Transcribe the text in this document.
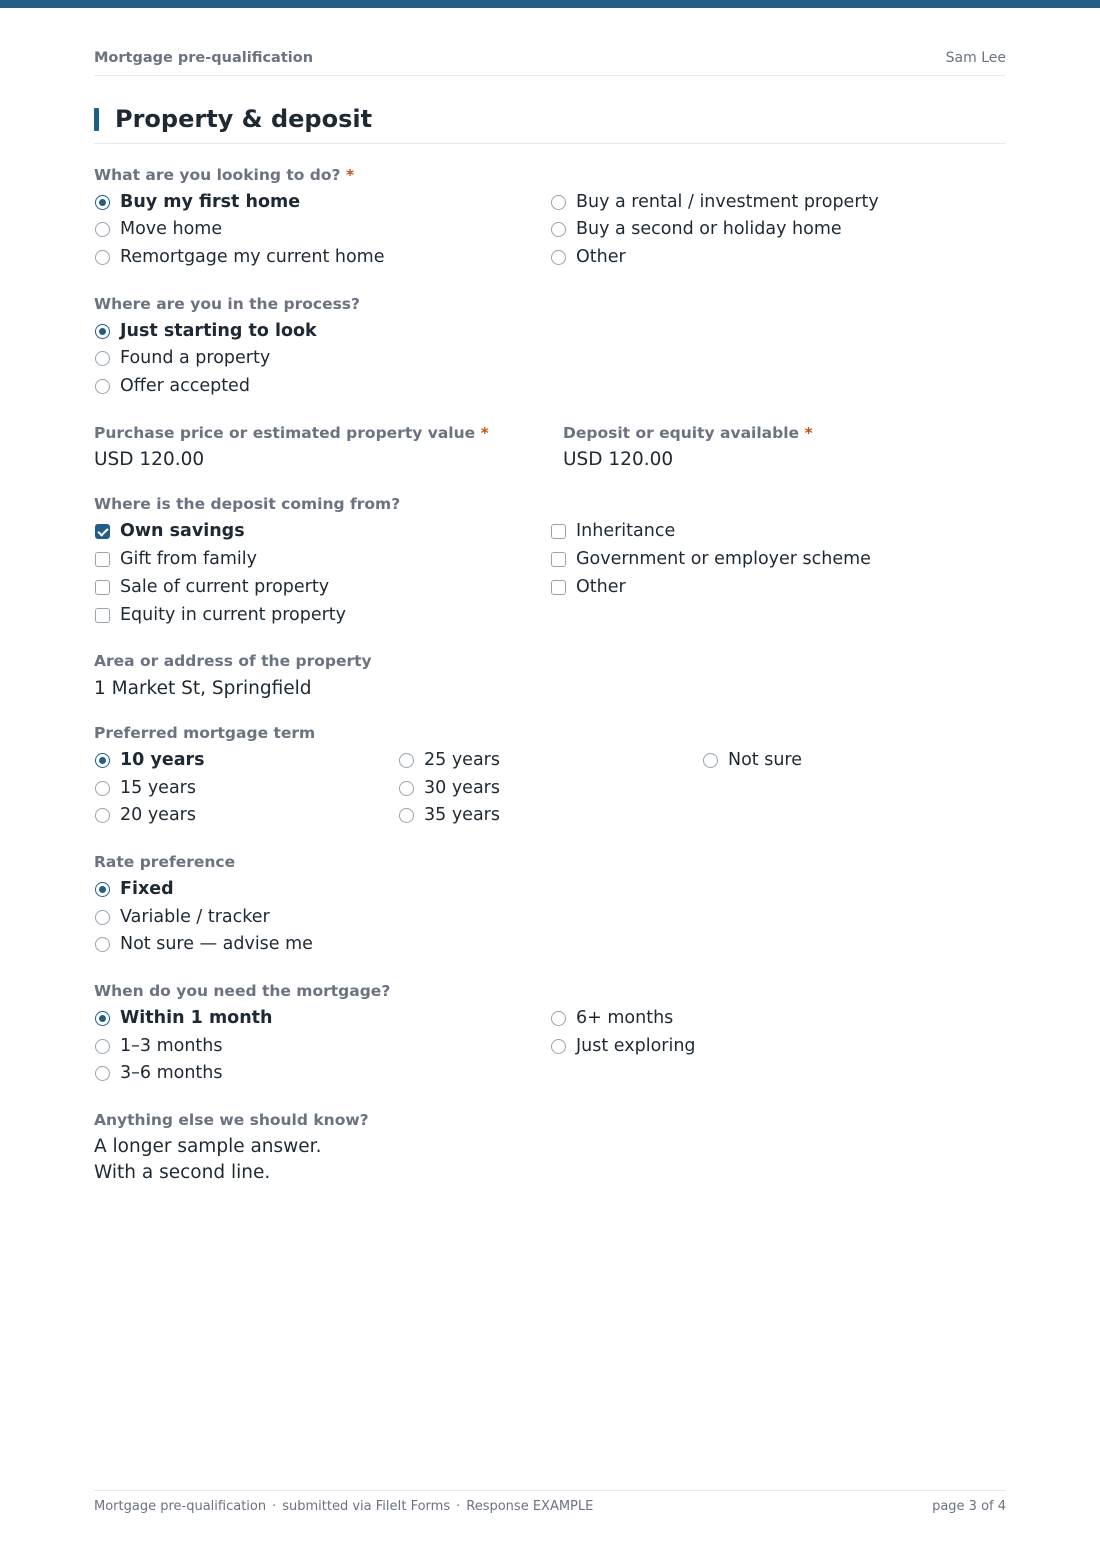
Mortgage pre-qualification	Sam Lee
Property & deposit
What are you looking to do? *
Buy my first home
Move home
Remortgage my current home
Buy a rental / investment property
Buy a second or holiday home
Other
Where are you in the process?
Just starting to look
Found a property
Offer accepted
Purchase price or estimated property value *
USD 120.00
Deposit or equity available *
USD 120.00
Where is the deposit coming from?
Own savings
Gift from family
Sale of current property
Equity in current property
Inheritance
Government or employer scheme
Other
Area or address of the property
1 Market St, Springfield
Preferred mortgage term
10 years
15 years
20 years
25 years
30 years
35 years
Not sure
Rate preference
Fixed
Variable / tracker
Not sure — advise me
When do you need the mortgage?
Within 1 month
1–3 months
3–6 months
6+ months
Just exploring
Anything else we should know?
A longer sample answer.
With a second line.
Mortgage pre-qualification · submitted via FileIt Forms · Response EXAMPLE	page 3 of 4
